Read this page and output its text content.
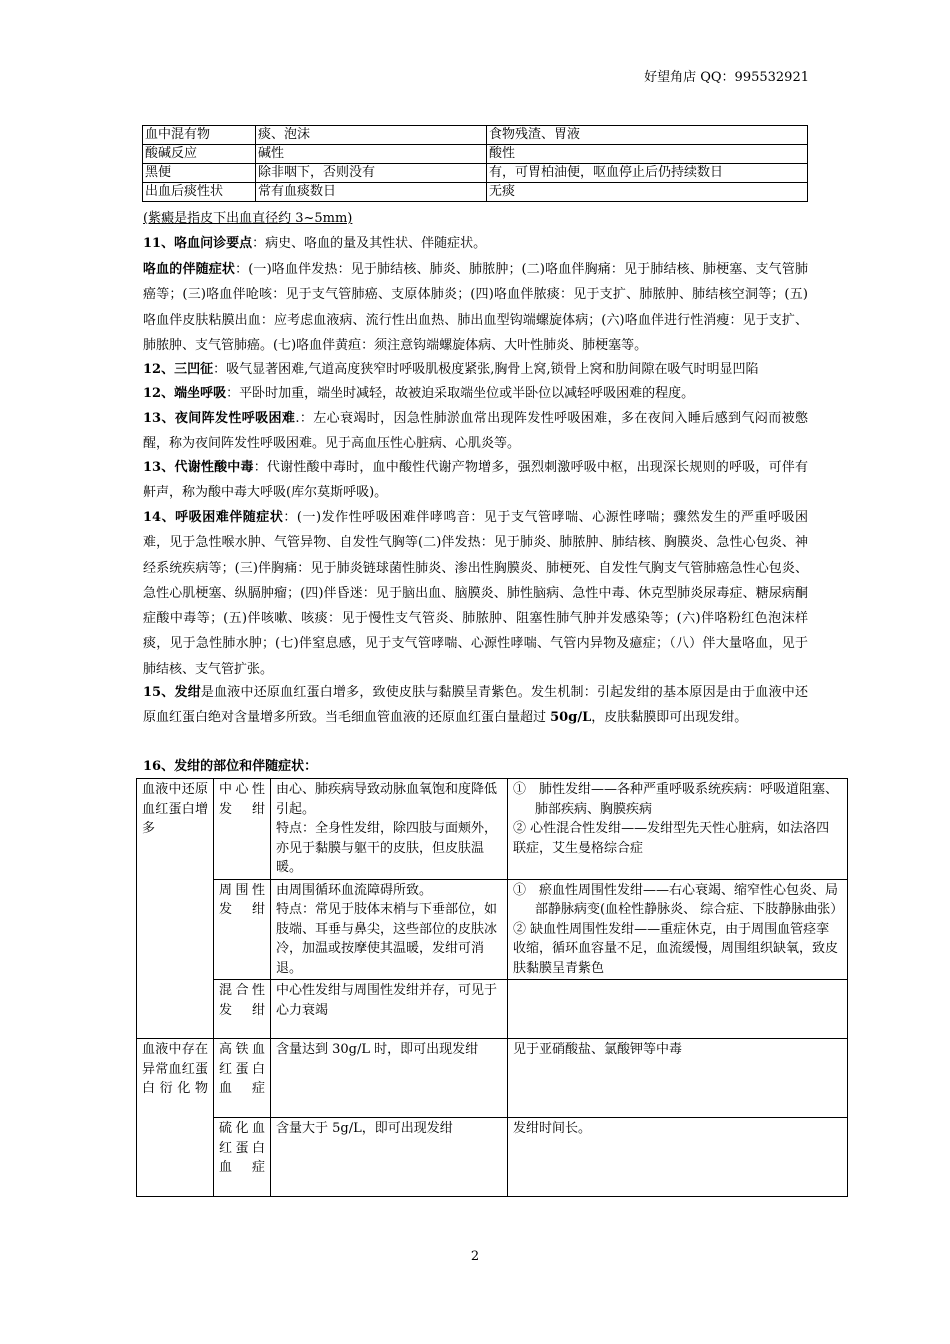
好望角店 QQ：995532921
血中混有物	痰、泡沫	食物残渣、胃液
酸碱反应	碱性	酸性
黑便	除非咽下，否则没有	有，可胃柏油便，呕血停止后仍持续数日
出血后痰性状	常有血痰数日	无痰

(紫癜是指皮下出血直径约 3~5mm)

11、咯血问诊要点：病史、咯血的量及其性状、伴随症状。

咯血的伴随症状：(一)咯血伴发热：见于肺结核、肺炎、肺脓肿；(二)咯血伴胸痛：见于肺结核、肺梗塞、支气管肺癌等；(三)咯血伴呛咳：见于支气管肺癌、支原体肺炎；(四)咯血伴脓痰：见于支扩、肺脓肿、肺结核空洞等；(五)咯血伴皮肤粘膜出血：应考虑血液病、流行性出血热、肺出血型钩端螺旋体病；(六)咯血伴进行性消瘦：见于支扩、肺脓肿、支气管肺癌。(七)咯血伴黄疸：须注意钩端螺旋体病、大叶性肺炎、肺梗塞等。

12、三凹征：吸气显著困难,气道高度狭窄时呼吸肌极度紧张,胸骨上窝,锁骨上窝和肋间隙在吸气时明显凹陷

12、端坐呼吸：平卧时加重，端坐时减轻，故被迫采取端坐位或半卧位以减轻呼吸困难的程度。

13、夜间阵发性呼吸困难.：左心衰竭时，因急性肺淤血常出现阵发性呼吸困难，多在夜间入睡后感到气闷而被憋醒，称为夜间阵发性呼吸困难。见于高血压性心脏病、心肌炎等。

13、代谢性酸中毒：代谢性酸中毒时，血中酸性代谢产物增多，强烈刺激呼吸中枢，出现深长规则的呼吸，可伴有鼾声，称为酸中毒大呼吸(库尔莫斯呼吸)。

14、呼吸困难伴随症状：(一)发作性呼吸困难伴哮鸣音：见于支气管哮喘、心源性哮喘；骤然发生的严重呼吸困难，见于急性喉水肿、气管异物、自发性气胸等(二)伴发热：见于肺炎、肺脓肿、肺结核、胸膜炎、急性心包炎、神经系统疾病等；(三)伴胸痛：见于肺炎链球菌性肺炎、渗出性胸膜炎、肺梗死、自发性气胸支气管肺癌急性心包炎、急性心肌梗塞、纵膈肿瘤；(四)伴昏迷：见于脑出血、脑膜炎、肺性脑病、急性中毒、休克型肺炎尿毒症、糖尿病酮症酸中毒等；(五)伴咳嗽、咳痰：见于慢性支气管炎、肺脓肿、阻塞性肺气肿并发感染等；(六)伴咯粉红色泡沫样痰，见于急性肺水肿；(七)伴窒息感，见于支气管哮喘、心源性哮喘、气管内异物及癔症；（八）伴大量咯血，见于肺结核、支气管扩张。

15、发绀是血液中还原血红蛋白增多，致使皮肤与黏膜呈青紫色。发生机制：引起发绀的基本原因是由于血液中还原血红蛋白绝对含量增多所致。当毛细血管血液的还原血红蛋白量超过 50g/L，皮肤黏膜即可出现发绀。

16、发绀的部位和伴随症状：

血液中还原血红蛋白增多	中心性发绀	由心、肺疾病导致动脉血氧饱和度降低引起。
特点：全身性发绀，除四肢与面颊外，亦见于黏膜与躯干的皮肤，但皮肤温暖。	①　肺性发绀——各种严重呼吸系统疾病：呼吸道阻塞、肺部疾病、胸膜疾病
② 心性混合性发绀——发绀型先天性心脏病，如法洛四联症，艾生曼格综合症

	周围性发绀	由周围循环血流障碍所致。
特点：常见于肢体末梢与下垂部位，如肢端、耳垂与鼻尖，这些部位的皮肤冰冷，加温或按摩使其温暖，发绀可消退。	①　瘀血性周围性发绀——右心衰竭、缩窄性心包炎、局部静脉病变(血栓性静脉炎、 综合症、下肢静脉曲张）
② 缺血性周围性发绀——重症休克，由于周围血管痉挛收缩，循环血容量不足，血流缓慢，周围组织缺氧，致皮肤黏膜呈青紫色

	混合性发绀	中心性发绀与周围性发绀并存，可见于心力衰竭	
血液中存在异常血红蛋白衍化物	高铁血红蛋白血症	含量达到 30g/L 时，即可出现发绀	见于亚硝酸盐、氯酸钾等中毒
	硫化血红蛋白血症	含量大于 5g/L，即可出现发绀	发绀时间长。
2
